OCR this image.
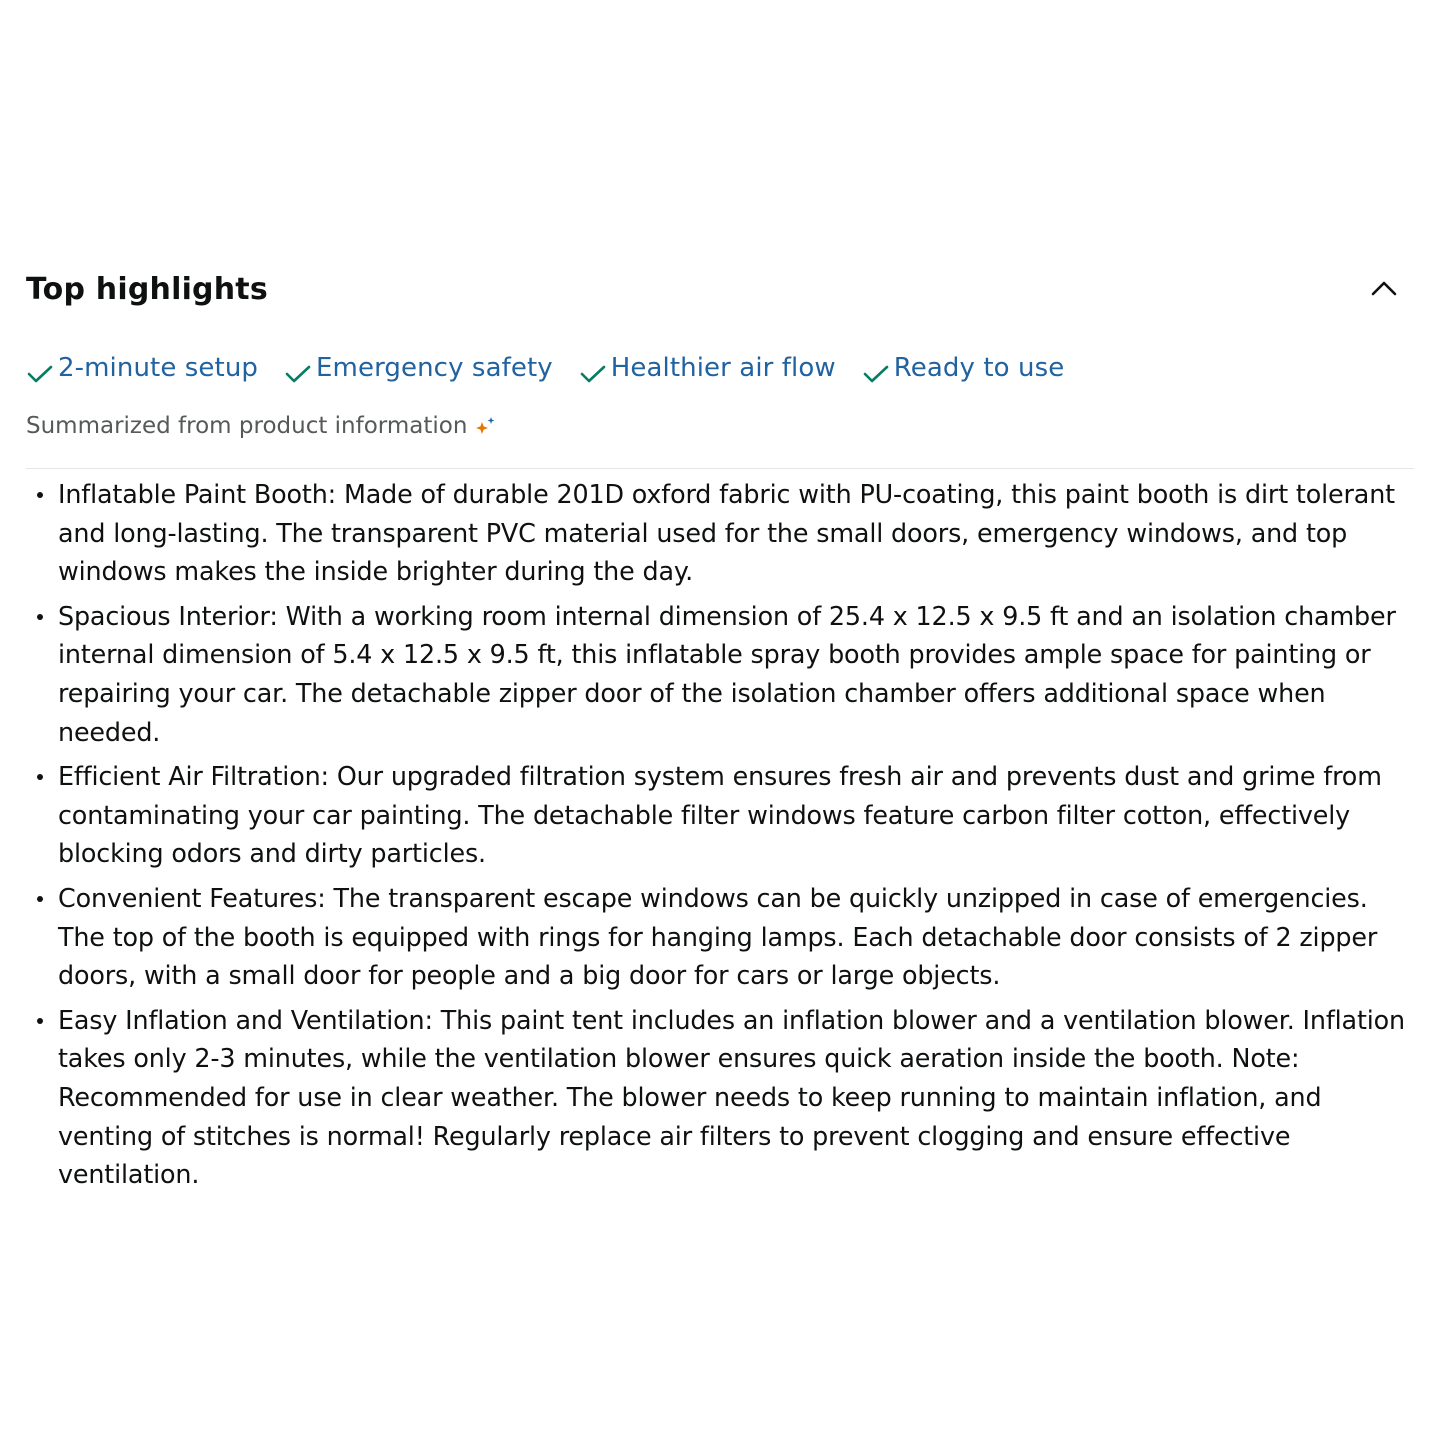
Top highlights
2-minute setup Emergency safety Healthier air flow Ready to use
Summarized from product information
Inflatable Paint Booth: Made of durable 201D oxford fabric with PU-coating, this paint booth is dirt tolerant and long-lasting. The transparent PVC material used for the small doors, emergency windows, and top windows makes the inside brighter during the day.
Spacious Interior: With a working room internal dimension of 25.4 x 12.5 x 9.5 ft and an isolation chamber internal dimension of 5.4 x 12.5 x 9.5 ft, this inflatable spray booth provides ample space for painting or repairing your car. The detachable zipper door of the isolation chamber offers additional space when needed.
Efficient Air Filtration: Our upgraded filtration system ensures fresh air and prevents dust and grime from contaminating your car painting. The detachable filter windows feature carbon filter cotton, effectively blocking odors and dirty particles.
Convenient Features: The transparent escape windows can be quickly unzipped in case of emergencies. The top of the booth is equipped with rings for hanging lamps. Each detachable door consists of 2 zipper doors, with a small door for people and a big door for cars or large objects.
Easy Inflation and Ventilation: This paint tent includes an inflation blower and a ventilation blower. Inflation takes only 2-3 minutes, while the ventilation blower ensures quick aeration inside the booth. Note: Recommended for use in clear weather. The blower needs to keep running to maintain inflation, and venting of stitches is normal! Regularly replace air filters to prevent clogging and ensure effective ventilation.
